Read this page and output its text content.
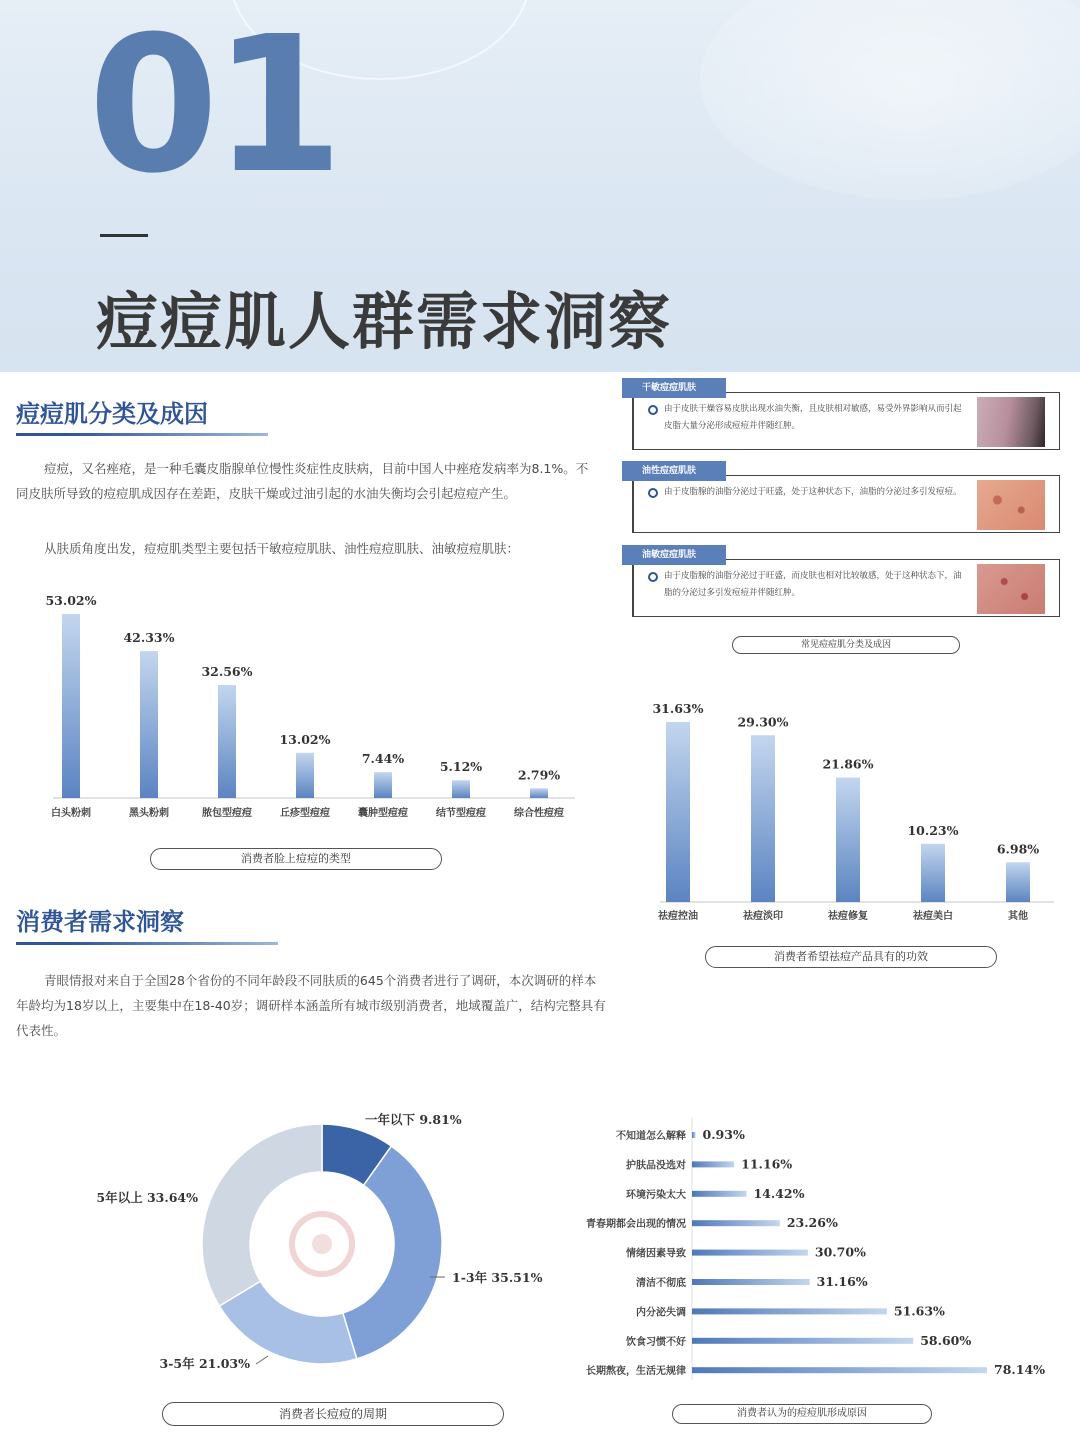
01
痘痘肌人群需求洞察
痘痘肌分类及成因
痘痘，又名痤疮，是一种毛囊皮脂腺单位慢性炎症性皮肤病，目前中国人中痤疮发病率为8.1%。不同皮肤所导致的痘痘肌成因存在差距，皮肤干燥或过油引起的水油失衡均会引起痘痘产生。
从肤质角度出发，痘痘肌类型主要包括干敏痘痘肌肤、油性痘痘肌肤、油敏痘痘肌肤：
53.02%
白头粉刺
42.33%
黑头粉刺
32.56%
脓包型痘痘
13.02%
丘疹型痘痘
7.44%
囊肿型痘痘
5.12%
结节型痘痘
2.79%
综合性痘痘
消费者脸上痘痘的类型
由于皮肤干燥容易皮肤出现水油失衡，且皮肤相对敏感，易受外界影响从而引起皮脂大量分泌形成痘痘并伴随红肿。
干敏痘痘肌肤
由于皮脂腺的油脂分泌过于旺盛，处于这种状态下，油脂的分泌过多引发痘痘。
油性痘痘肌肤
由于皮脂腺的油脂分泌过于旺盛，而皮肤也相对比较敏感，处于这种状态下，油脂的分泌过多引发痘痘并伴随红肿。
油敏痘痘肌肤
常见痘痘肌分类及成因
31.63%
祛痘控油
29.30%
祛痘淡印
21.86%
祛痘修复
10.23%
祛痘美白
6.98%
其他
消费者希望祛痘产品具有的功效
消费者需求洞察
青眼情报对来自于全国28个省份的不同年龄段不同肤质的645个消费者进行了调研，本次调研的样本年龄均为18岁以上，主要集中在18-40岁；调研样本涵盖所有城市级别消费者，地域覆盖广，结构完整具有代表性。
一年以下 9.81%
1-3年 35.51%
3-5年 21.03%
5年以上 33.64%
消费者长痘痘的周期
不知道怎么解释 0.93%
护肤品没选对	11.16%
环境污染太大	14.42%
青春期都会出现的情况	23.26%
情绪因素导致	30.70%
清洁不彻底	31.16%
内分泌失调	51.63%
饮食习惯不好	58.60%
长期熬夜，生活无规律	78.14%
消费者认为的痘痘肌形成原因
